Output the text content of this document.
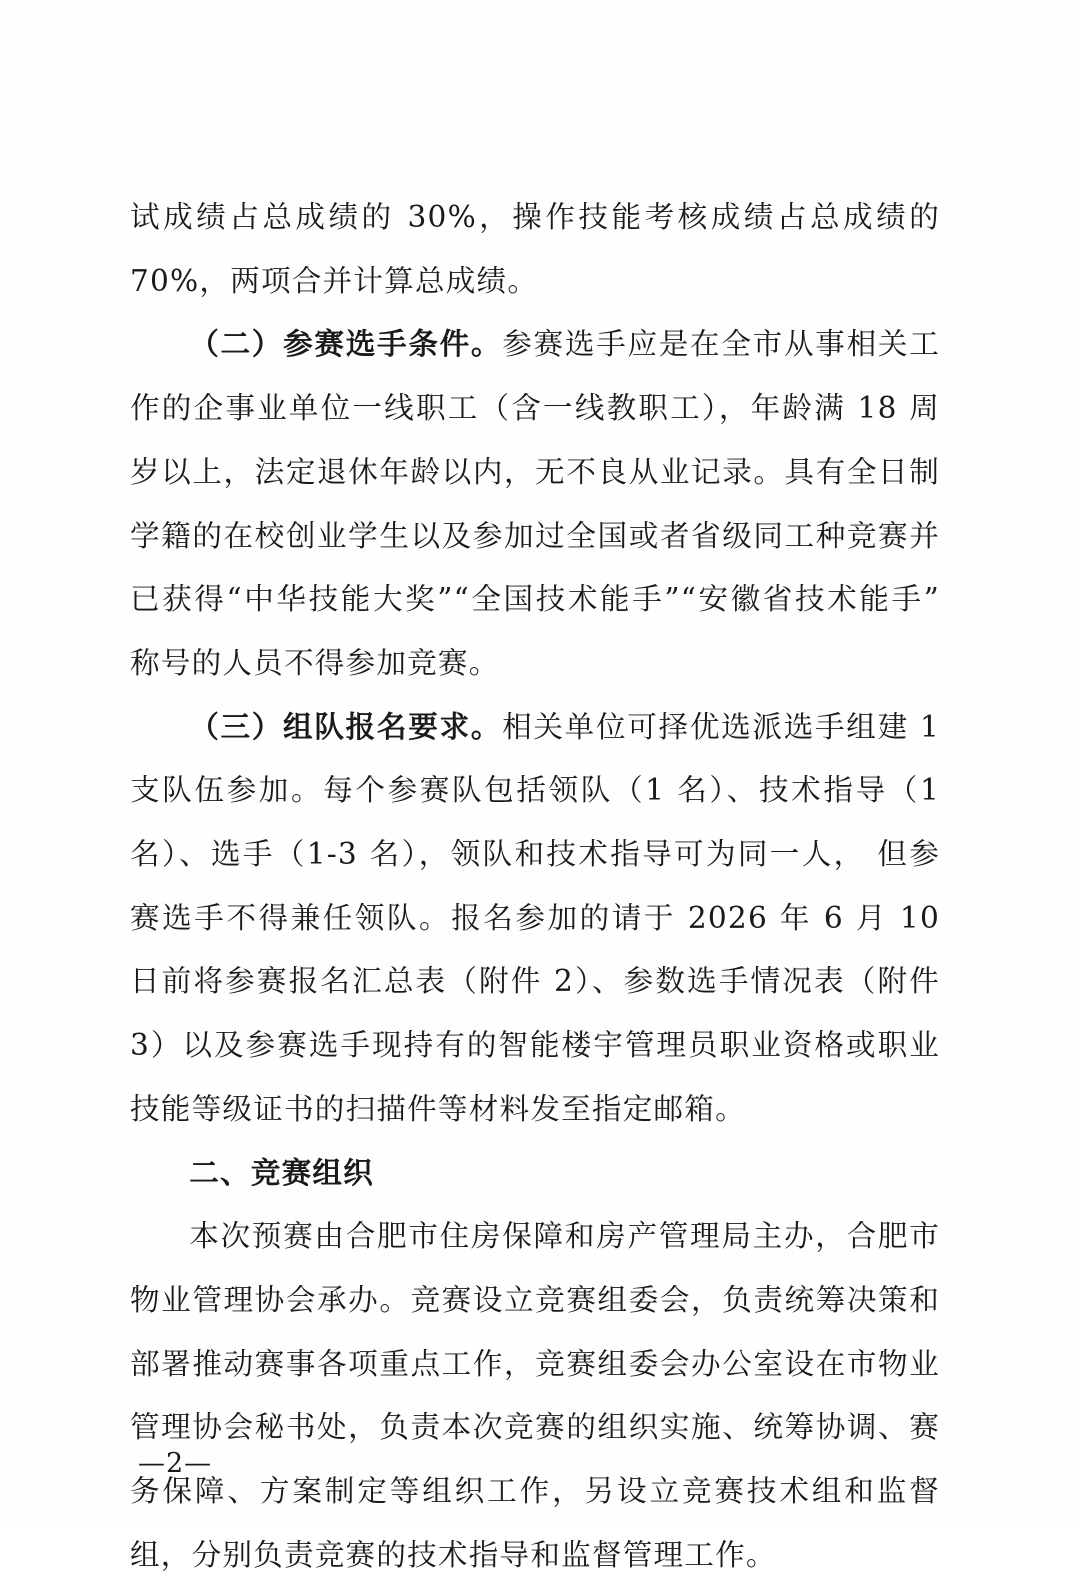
试成绩占总成绩的 30%，操作技能考核成绩占总成绩的 70%，两项合并计算总成绩。

（二）参赛选手条件。参赛选手应是在全市从事相关工作的企事业单位一线职工（含一线教职工），年龄满 18 周岁以上，法定退休年龄以内，无不良从业记录。具有全日制学籍的在校创业学生以及参加过全国或者省级同工种竞赛并已获得“中华技能大奖”“全国技术能手”“安徽省技术能手” 称号的人员不得参加竞赛。

（三）组队报名要求。相关单位可择优选派选手组建 1 支队伍参加。每个参赛队包括领队（1 名）、技术指导（1 名）、选手（1-3 名），领队和技术指导可为同一人， 但参赛选手不得兼任领队。报名参加的请于 2026 年 6 月 10 日前将参赛报名汇总表（附件 2）、参数选手情况表（附件 3）以及参赛选手现持有的智能楼宇管理员职业资格或职业技能等级证书的扫描件等材料发至指定邮箱。

二、竞赛组织

本次预赛由合肥市住房保障和房产管理局主办，合肥市物业管理协会承办。竞赛设立竞赛组委会，负责统筹决策和部署推动赛事各项重点工作，竞赛组委会办公室设在市物业管理协会秘书处，负责本次竞赛的组织实施、统筹协调、赛务保障、方案制定等组织工作，另设立竞赛技术组和监督组，分别负责竞赛的技术指导和监督管理工作。

—2—
